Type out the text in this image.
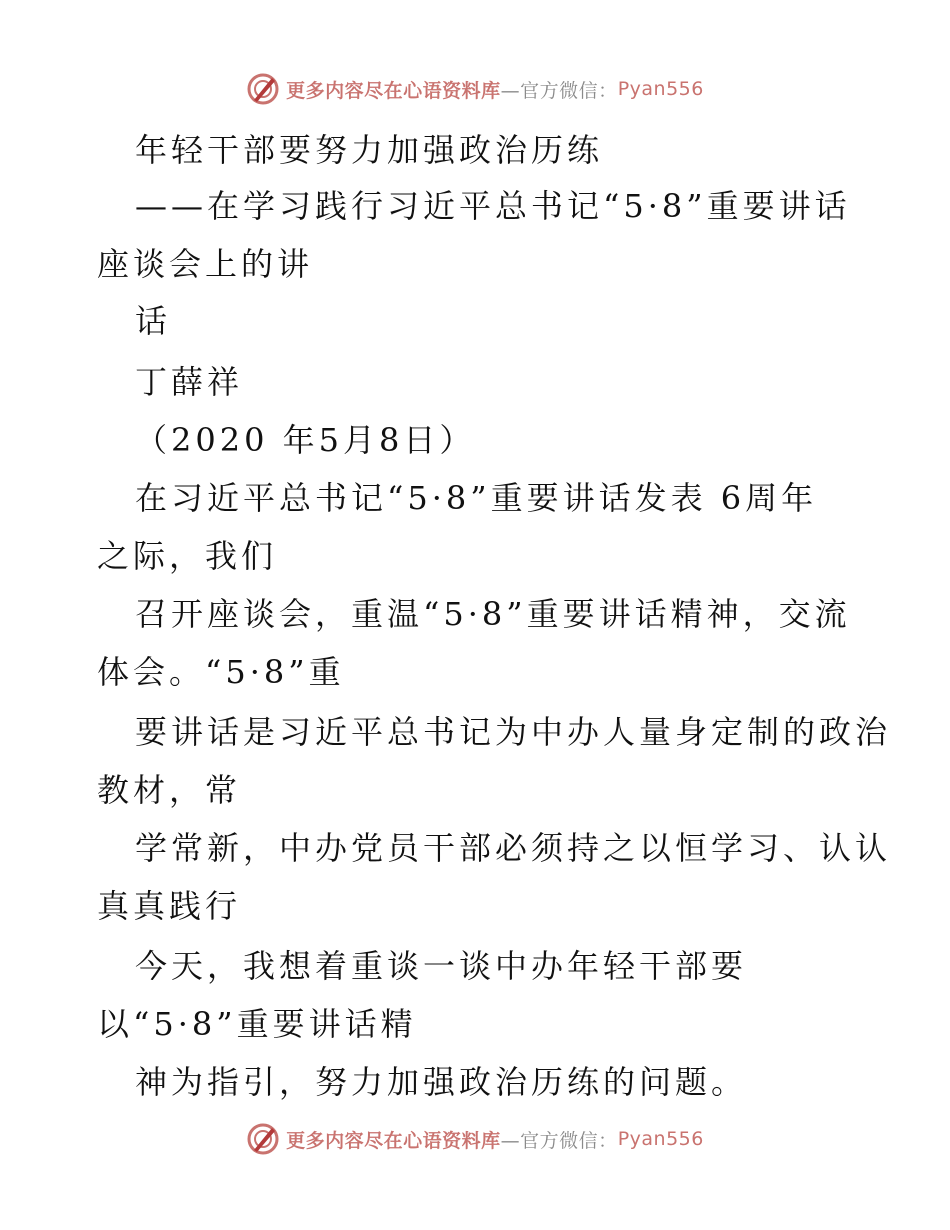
更多内容尽在心语资料库 —官方微信： Pyan556
年轻干部要努力加强政治历练
——在学习践行习近平总书记“5·8”重要讲话
座谈会上的讲
话
丁薛祥
（2020 年5月8日）
在习近平总书记“5·8”重要讲话发表 6周年
之际，我们
召开座谈会，重温“5·8”重要讲话精神，交流
体会。“5·8”重
要讲话是习近平总书记为中办人量身定制的政治
教材，常
学常新，中办党员干部必须持之以恒学习、认认
真真践行
今天，我想着重谈一谈中办年轻干部要
以“5·8”重要讲话精
神为指引，努力加强政治历练的问题。
更多内容尽在心语资料库 —官方微信： Pyan556
